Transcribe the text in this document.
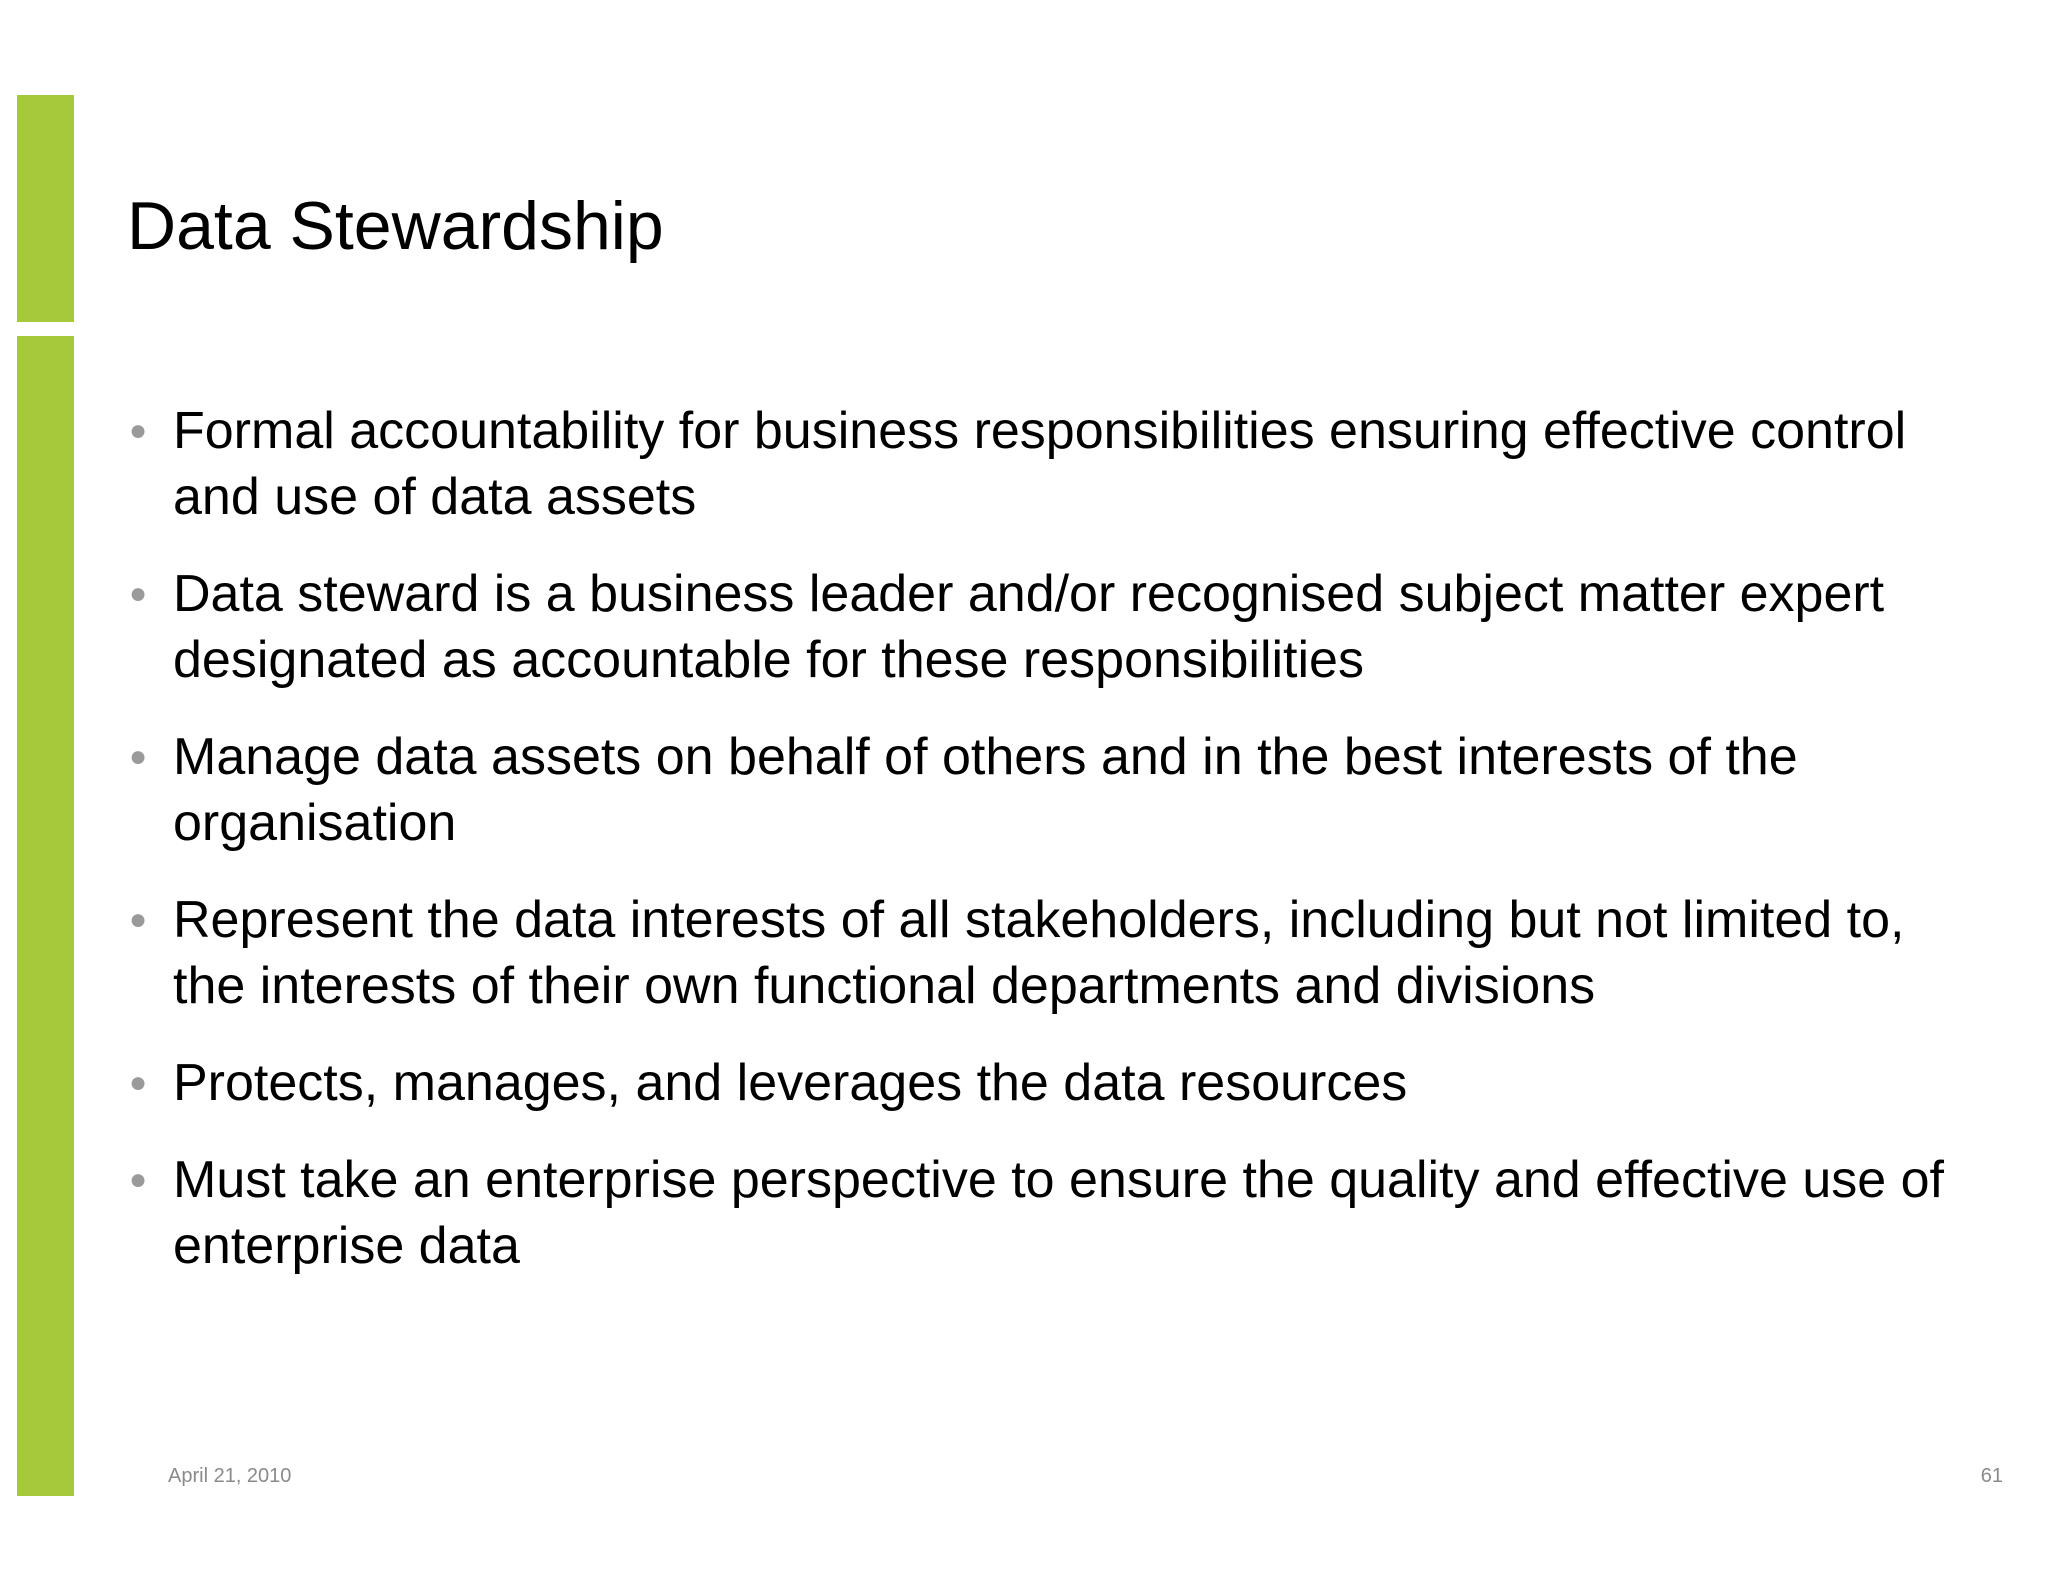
Data Stewardship
● Formal accountability for business responsibilities ensuring effective control and use of data assets
● Data steward is a business leader and/or recognised subject matter expert designated as accountable for these responsibilities
● Manage data assets on behalf of others and in the best interests of the organisation
● Represent the data interests of all stakeholders, including but not limited to, the interests of their own functional departments and divisions
● Protects, manages, and leverages the data resources
● Must take an enterprise perspective to ensure the quality and effective use of enterprise data
April 21, 2010	61
